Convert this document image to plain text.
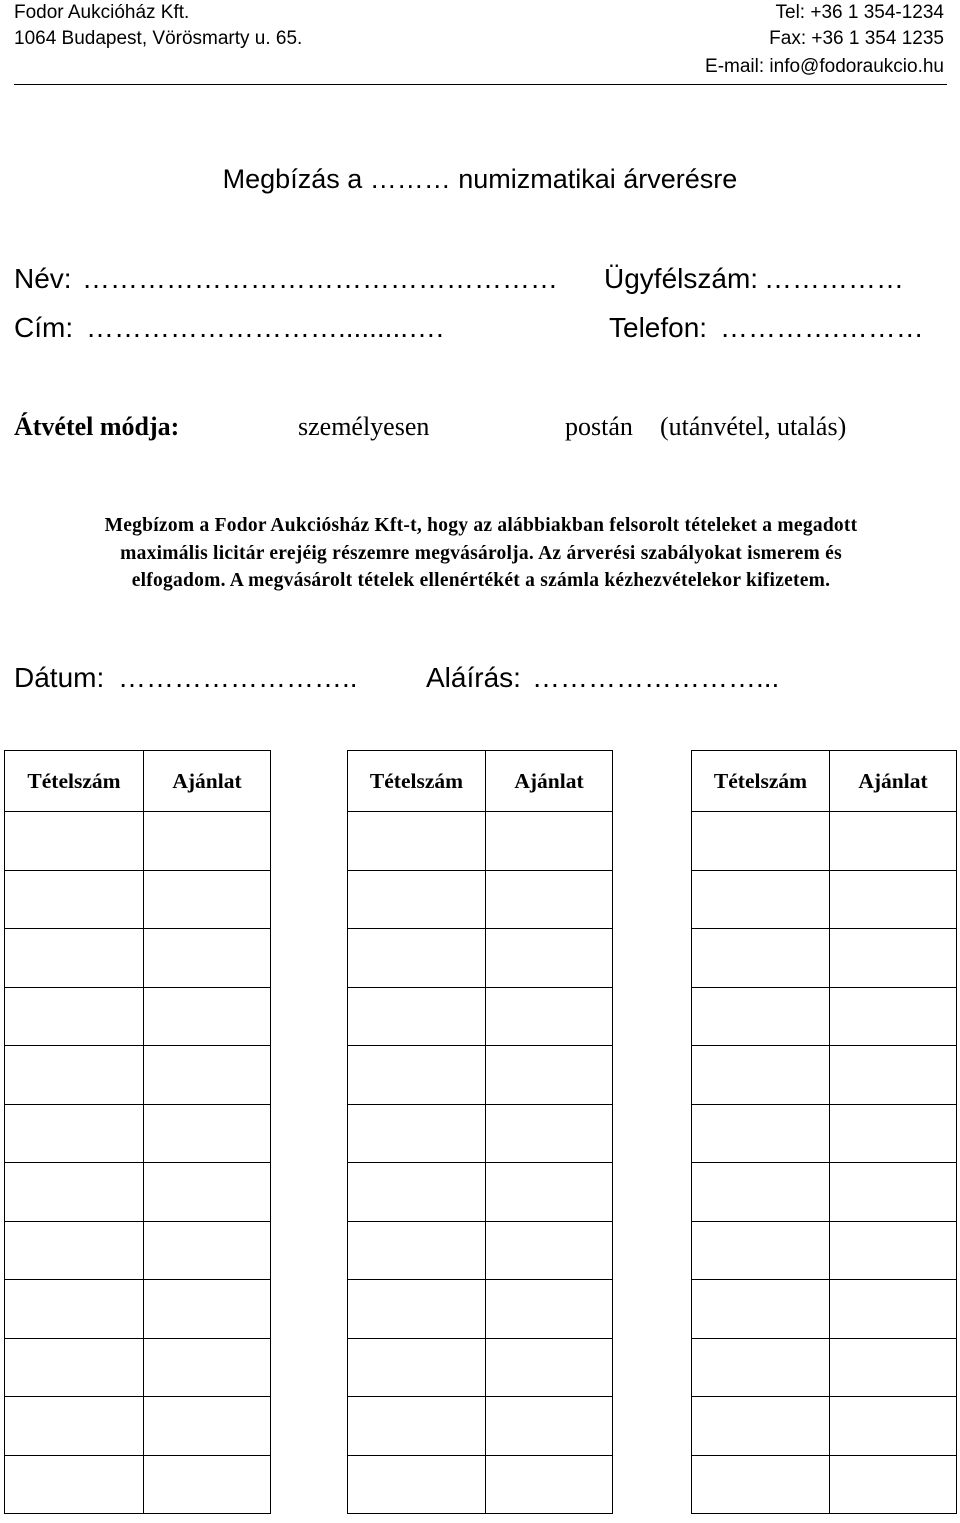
Fodor Aukcióház Kft.
1064 Budapest, Vörösmarty u. 65.
Tel: +36 1 354-1234
Fax: +36 1 354 1235
E-mail: info@fodoraukcio.hu
Megbízás a ……… numizmatikai árverésre
Név: ……………………………………………	Ügyfélszám: ……………
Cím: ……………………….........….	Telefon: ………….………
Átvétel módja:	személyesen	postán (utánvétel, utalás)
Megbízom a Fodor Aukciósház Kft-t, hogy az alábbiakban felsorolt tételeket a megadott
maximális licitár erejéig részemre megvásárolja. Az árverési szabályokat ismerem és
elfogadom. A megvásárolt tételek ellenértékét a számla kézhezvételekor kifizetem.
Dátum: ……………………..	Aláírás: ……………………...
Tételszám	Ajánlat

		Tételszám	Ajánlat

		Tételszám	Ajánlat
